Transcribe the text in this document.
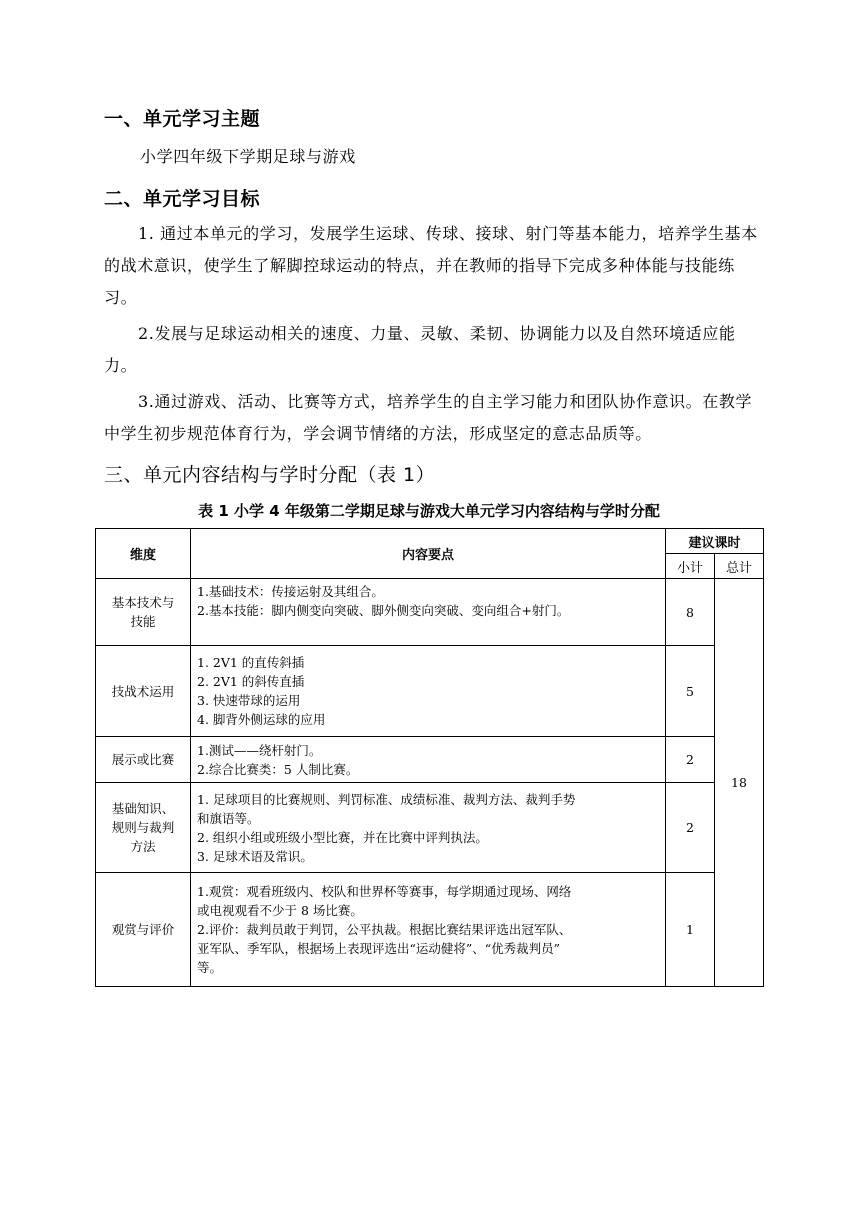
一、单元学习主题

小学四年级下学期足球与游戏

二、单元学习目标

1. 通过本单元的学习，发展学生运球、传球、接球、射门等基本能力，培养学生基本的战术意识，使学生了解脚控球运动的特点，并在教师的指导下完成多种体能与技能练习。

2.发展与足球运动相关的速度、力量、灵敏、柔韧、协调能力以及自然环境适应能力。

3.通过游戏、活动、比赛等方式，培养学生的自主学习能力和团队协作意识。在教学中学生初步规范体育行为，学会调节情绪的方法，形成坚定的意志品质等。

三、单元内容结构与学时分配（表 1）

表 1 小学 4 年级第二学期足球与游戏大单元学习内容结构与学时分配

维度	内容要点	建议课时	
		小计	总计

基本技术与
技能	1.基础技术：传接运射及其组合。
2.基本技能：脚内侧变向突破、脚外侧变向突破、变向组合+射门。	8	18

技战术运用	1. 2V1 的直传斜插
2. 2V1 的斜传直插
3. 快速带球的运用
4. 脚背外侧运球的应用	5	

展示或比赛	1.测试——绕杆射门。
2.综合比赛类：5 人制比赛。	2	

基础知识、
规则与裁判
方法	1. 足球项目的比赛规则、判罚标准、成绩标准、裁判方法、裁判手势
和旗语等。
2. 组织小组或班级小型比赛，并在比赛中评判执法。
3. 足球术语及常识。	2	

观赏与评价	1.观赏：观看班级内、校队和世界杯等赛事，每学期通过现场、网络
或电视观看不少于 8 场比赛。
2.评价：裁判员敢于判罚，公平执裁。根据比赛结果评选出冠军队、
亚军队、季军队，根据场上表现评选出“运动健将”、“优秀裁判员”
等。	1	
